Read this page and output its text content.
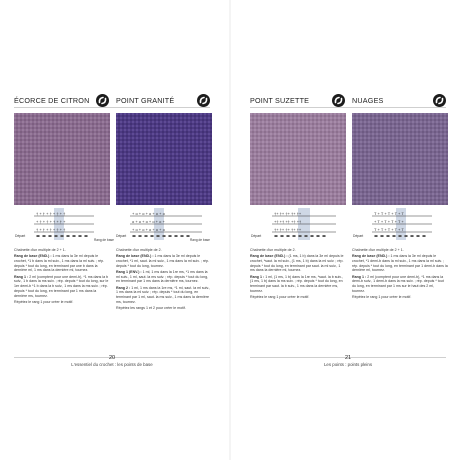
ÉCORCE DE CITRON
† + † + † + † + †
+ † + † + † + † +
† + † + † + † + †
Départ
Rang de base

Chaînette d'un multiple de 2 + 1.

Rang de base (END.) : 1 ms dans la 3e ml depuis le crochet, *1 b dans la ml suiv., 1 ms dans la ml suiv. ; rép. depuis * tout du long, en terminant par une b dans la dernière ml, 1 ms dans la dernière ml, tournez.

Rang 1 : 2 ml (comptent pour une demi-b), *1 ms dans la b suiv., 1 b dans la ms suiv. ; rép. depuis * tout du long, sur le 1er demi-b *1 b dans la b suiv., 1 ms dans la ms suiv. ; rép. depuis * tout du long, en terminant par 1 ms dans la dernière ms, tournez.

Répétez le rang 1 pour créer le motif.

POINT GRANITÉ
+ o + o + o + o + o
o + o + o + o + o +
+ o + o + o + o + o
Départ
Rang de base

Chaînette d'un multiple de 2.

Rang de base (END.) : 1 ms dans la 3e ml depuis le crochet, *1 ml, saut. la ml suiv., 1 ms dans la ml suiv. ; rép. depuis * tout du long, tournez.

Rang 1 (ENV.) : 1 ml, 1 ms dans la 1re ms, *1 ms dans la ml suiv., 1 ml, saut. la ms suiv. ; rép. depuis * tout du long, en terminant par 1 ms dans la dernière ms, tournez.

Rang 2 : 1 ml, 1 ms dans la 1re ms, *1 ml, saut. la ml suiv., 1 ms dans la ml suiv. ; rép. depuis * tout du long, en terminant par 1 ml, saut. la ms suiv., 1 ms dans la dernière ms, tournez.

Répétez les rangs 1 et 2 pour créer le motif.

20
L'essentiel du crochet : les points de base
POINT SUZETTE
†+ †+ †+ †+ †+
+† +† +† +† +†
†+ †+ †+ †+ †+
Départ

Chaînette d'un multiple de 2.

Rang de base (END.) : (1 ms, 1 b) dans la 3e ml depuis le crochet, *saut. la ml suiv., (1 ms, 1 b) dans la ml suiv. ; rép. depuis * tout du long, en terminant par saut. la ml suiv., 1 ms dans la dernière ml, tournez.

Rang 1 : 1 ml, (1 ms, 1 b) dans la 1re ms, *saut. la b suiv., (1 ms, 1 b) dans la ms suiv. ; rép. depuis * tout du long, en terminant par saut. la b suiv., 1 ms dans la dernière ms, tournez.

Répétez le rang 1 pour créer le motif.

NUAGES
T + T + T + T + T
+ T + T + T + T +
T + T + T + T + T
Départ

Chaînette d'un multiple de 2 + 1.

Rang de base (END.) : 1 ms dans la 3e ml depuis le crochet, *1 demi-b dans la ml suiv., 1 ms dans la ml suiv. ; rép. depuis * tout du long, en terminant par 1 demi-b dans la dernière ml, tournez.

Rang 1 : 2 ml (comptent pour une demi-b), *1 ms dans la demi-b suiv., 1 demi-b dans la ms suiv. ; rép. depuis * tout du long, en terminant par 1 ms sur le haut des 2 ml, tournez.

Répétez le rang 1 pour créer le motif.

21
Les points : points pleins
